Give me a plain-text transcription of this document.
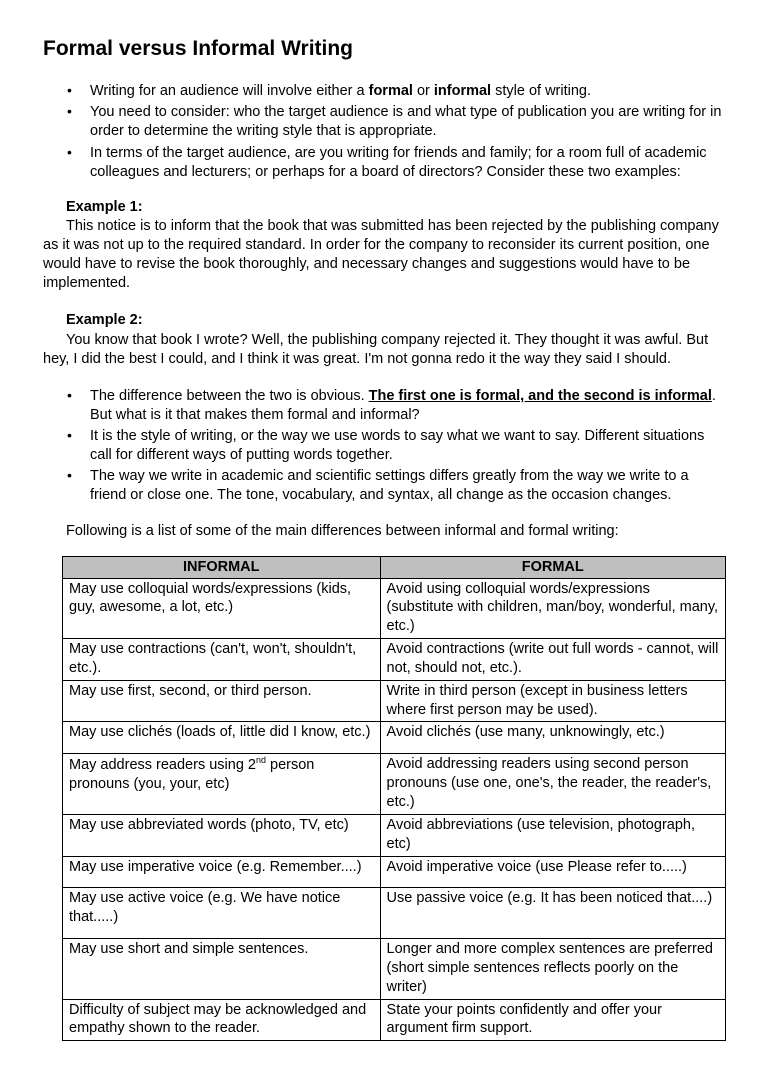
Formal versus Informal Writing
• Writing for an audience will involve either a formal or informal style of writing.
• You need to consider: who the target audience is and what type of publication you are writing for in order to determine the writing style that is appropriate.
• In terms of the target audience, are you writing for friends and family; for a room full of academic colleagues and lecturers; or perhaps for a board of directors? Consider these two examples:

Example 1:

This notice is to inform that the book that was submitted has been rejected by the publishing company as it was not up to the required standard. In order for the company to reconsider its current position, one would have to revise the book thoroughly, and necessary changes and suggestions would have to be implemented.

Example 2:

You know that book I wrote? Well, the publishing company rejected it. They thought it was awful. But hey, I did the best I could, and I think it was great. I'm not gonna redo it the way they said I should.

• The difference between the two is obvious. The first one is formal, and the second is informal. But what is it that makes them formal and informal?
• It is the style of writing, or the way we use words to say what we want to say. Different situations call for different ways of putting words together.
• The way we write in academic and scientific settings differs greatly from the way we write to a friend or close one. The tone, vocabulary, and syntax, all change as the occasion changes.

Following is a list of some of the main differences between informal and formal writing:

INFORMAL	FORMAL
May use colloquial words/expressions (kids, guy, awesome, a lot, etc.)	Avoid using colloquial words/expressions (substitute with children, man/boy, wonderful, many, etc.)
May use contractions (can't, won't, shouldn't, etc.).	Avoid contractions (write out full words - cannot, will not, should not, etc.).
May use first, second, or third person.	Write in third person (except in business letters where first person may be used).
May use clichés (loads of, little did I know, etc.)	Avoid clichés (use many, unknowingly, etc.)
May address readers using 2nd person pronouns (you, your, etc)	Avoid addressing readers using second person pronouns (use one, one's, the reader, the reader's, etc.)
May use abbreviated words (photo, TV, etc)	Avoid abbreviations (use television, photograph, etc)
May use imperative voice (e.g. Remember....)	Avoid imperative voice (use Please refer to.....)
May use active voice (e.g. We have notice that.....)	Use passive voice (e.g. It has been noticed that....)
May use short and simple sentences.	Longer and more complex sentences are preferred (short simple sentences reflects poorly on the writer)
Difficulty of subject may be acknowledged and empathy shown to the reader.	State your points confidently and offer your argument firm support.
